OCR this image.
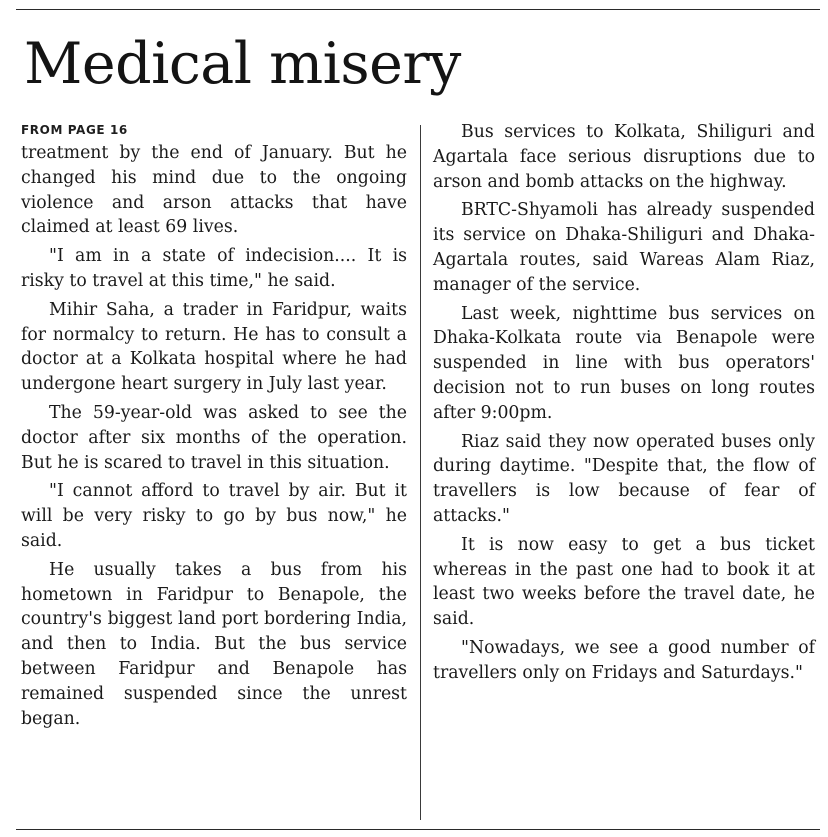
Medical misery
FROM PAGE 16

treatment by the end of January. But he changed his mind due to the ongoing violence and arson attacks that have claimed at least 69 lives.

"I am in a state of indecision.... It is risky to travel at this time," he said.

Mihir Saha, a trader in Faridpur, waits for normalcy to return. He has to consult a doctor at a Kolkata hospital where he had undergone heart surgery in July last year.

The 59-year-old was asked to see the doctor after six months of the operation. But he is scared to travel in this situation.

"I cannot afford to travel by air. But it will be very risky to go by bus now," he said.

He usually takes a bus from his hometown in Faridpur to Benapole, the country's biggest land port bordering India, and then to India. But the bus service between Faridpur and Benapole has remained suspended since the unrest began.

Bus services to Kolkata, Shiliguri and Agartala face serious disruptions due to arson and bomb attacks on the highway.

BRTC-Shyamoli has already suspended its service on Dhaka-Shiliguri and Dhaka-Agartala routes, said Wareas Alam Riaz, manager of the service.

Last week, nighttime bus services on Dhaka-Kolkata route via Benapole were suspended in line with bus operators' decision not to run buses on long routes after 9:00pm.

Riaz said they now operated buses only during daytime. "Despite that, the flow of travellers is low because of fear of attacks."

It is now easy to get a bus ticket whereas in the past one had to book it at least two weeks before the travel date, he said.

"Nowadays, we see a good number of travellers only on Fridays and Saturdays."
